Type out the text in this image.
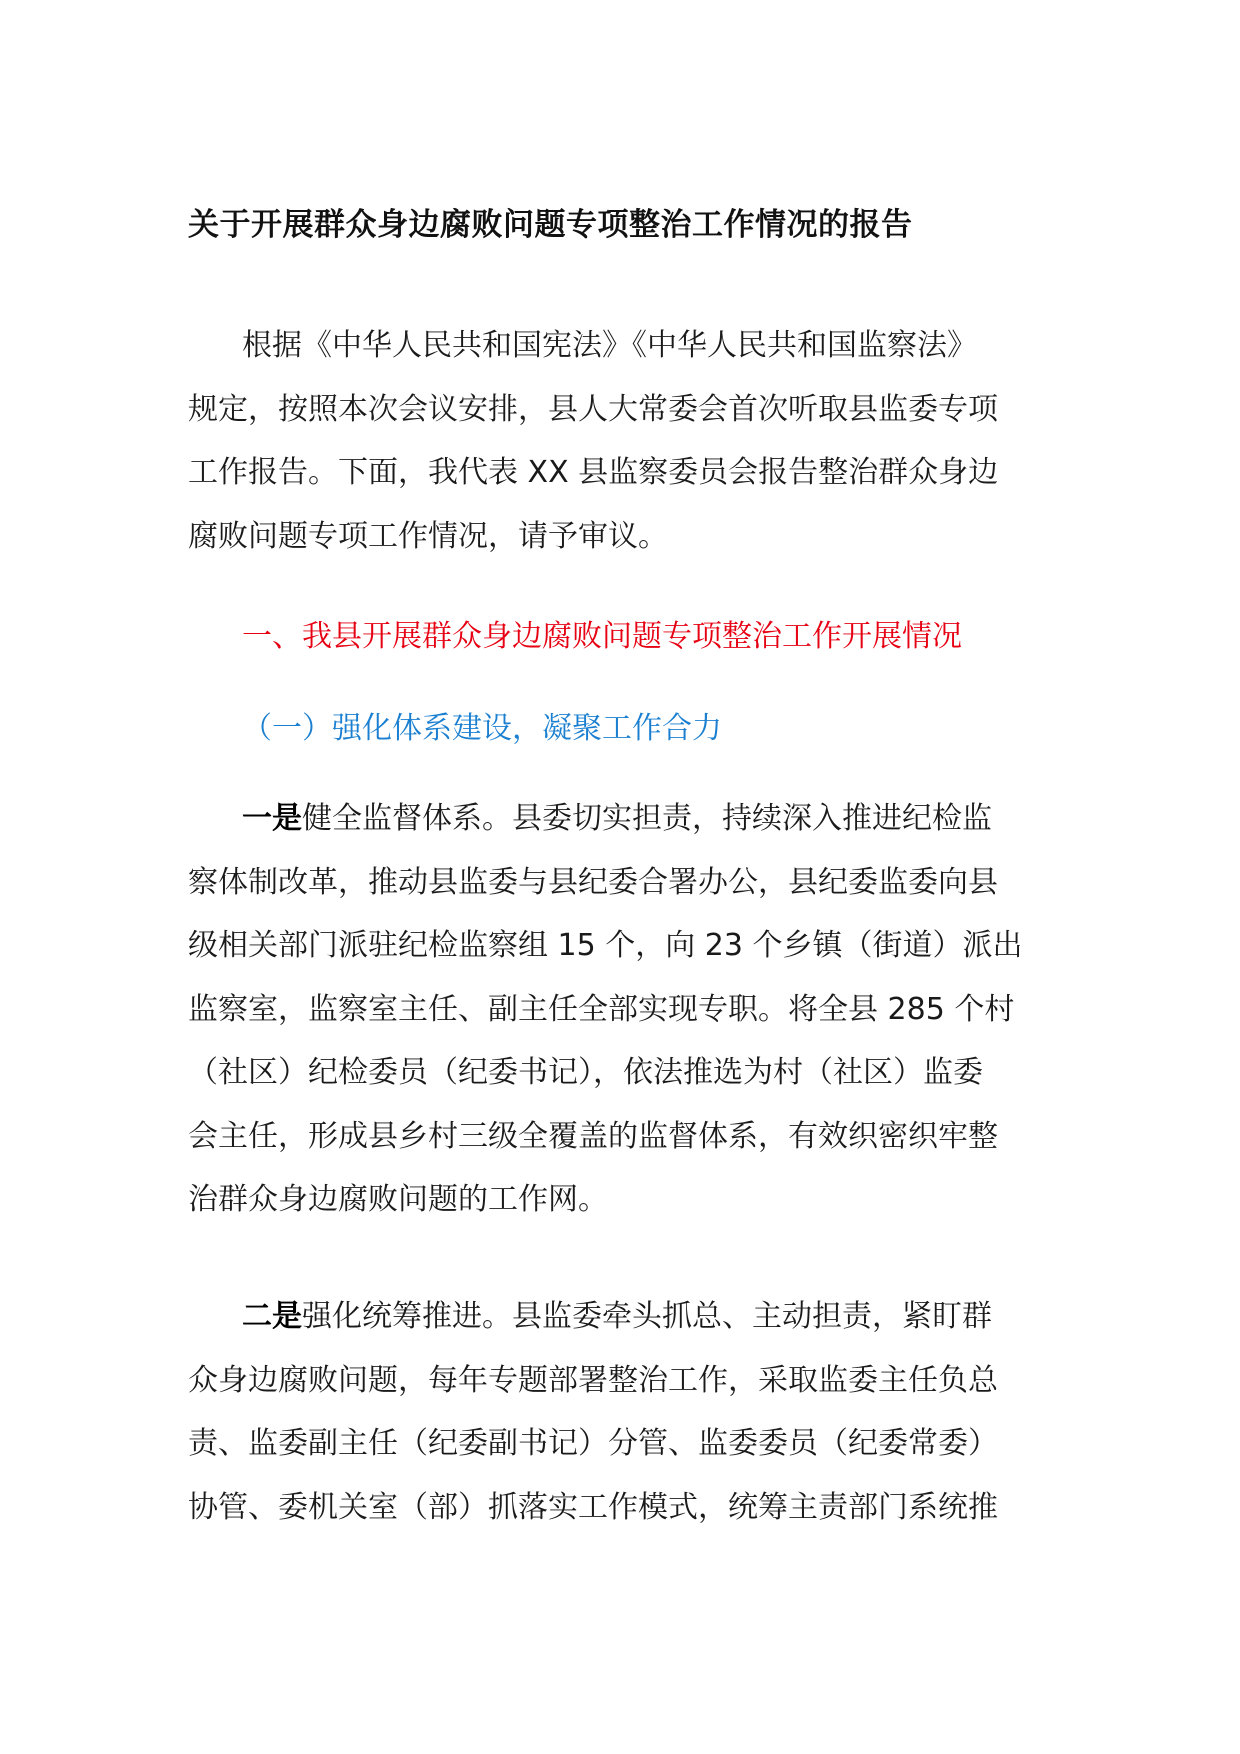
关于开展群众身边腐败问题专项整治工作情况的报告
根据《中华人民共和国宪法》《中华人民共和国监察法》
规定，按照本次会议安排，县人大常委会首次听取县监委专项
工作报告。下面，我代表 XX 县监察委员会报告整治群众身边
腐败问题专项工作情况，请予审议。
一、我县开展群众身边腐败问题专项整治工作开展情况
（一）强化体系建设，凝聚工作合力
一是健全监督体系。县委切实担责，持续深入推进纪检监
察体制改革，推动县监委与县纪委合署办公，县纪委监委向县
级相关部门派驻纪检监察组 15 个，向 23 个乡镇（街道）派出
监察室，监察室主任、副主任全部实现专职。将全县 285 个村
（社区）纪检委员（纪委书记），依法推选为村（社区）监委
会主任，形成县乡村三级全覆盖的监督体系，有效织密织牢整
治群众身边腐败问题的工作网。
二是强化统筹推进。县监委牵头抓总、主动担责，紧盯群
众身边腐败问题，每年专题部署整治工作，采取监委主任负总
责、监委副主任（纪委副书记）分管、监委委员（纪委常委）
协管、委机关室（部）抓落实工作模式，统筹主责部门系统推
